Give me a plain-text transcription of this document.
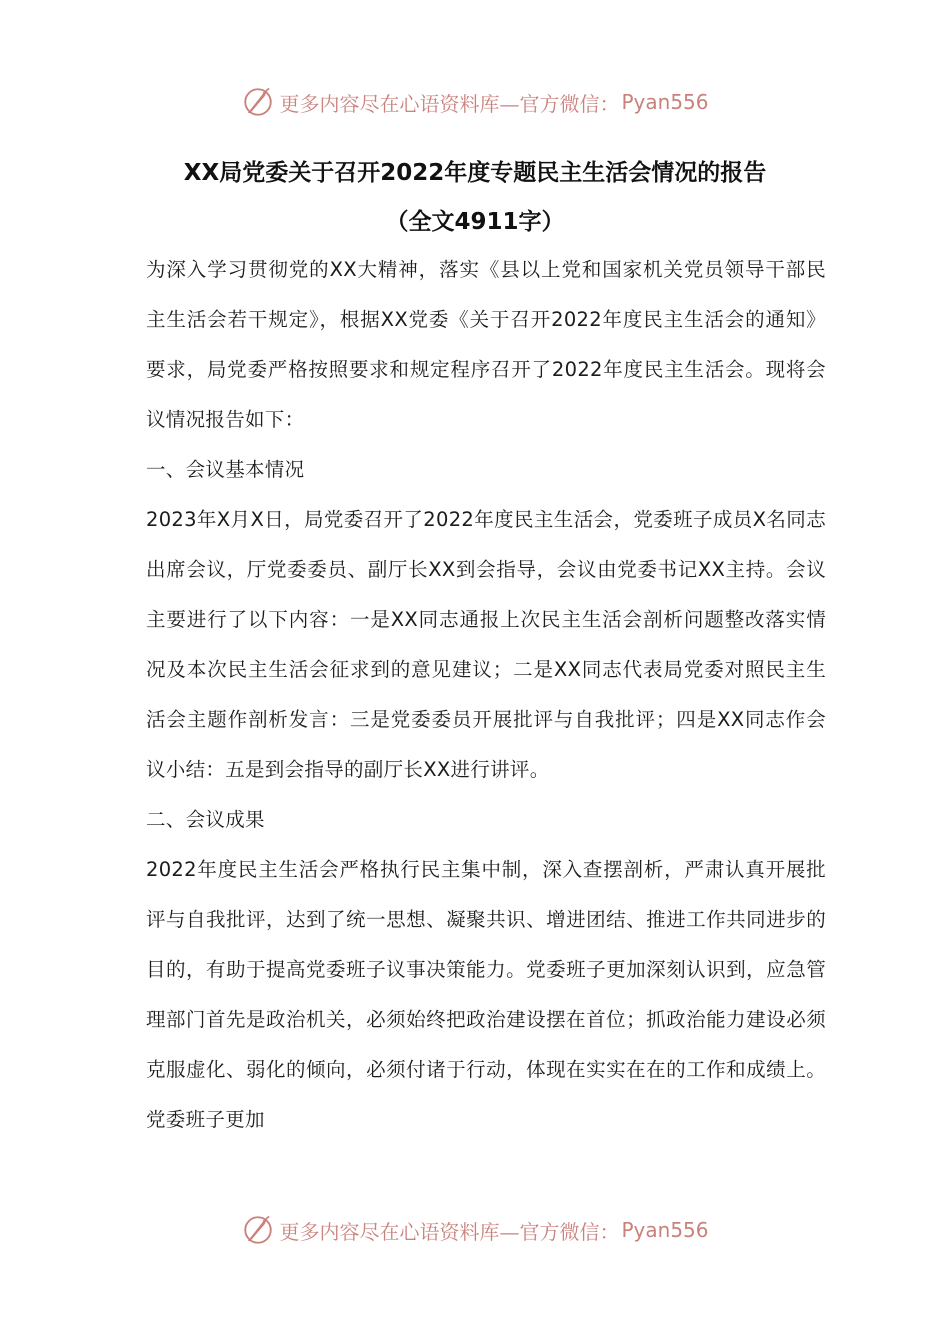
更多内容尽在心语资料库—官方微信： Pyan556
XX局党委关于召开2022年度专题民主生活会情况的报告
（全文4911字）

为深入学习贯彻党的XX大精神，落实《县以上党和国家机关党员领导干部民主生活会若干规定》，根据XX党委《关于召开2022年度民主生活会的通知》要求，局党委严格按照要求和规定程序召开了2022年度民主生活会。现将会议情况报告如下：

一、会议基本情况

2023年X月X日，局党委召开了2022年度民主生活会，党委班子成员X名同志出席会议，厅党委委员、副厅长XX到会指导，会议由党委书记XX主持。会议主要进行了以下内容：一是XX同志通报上次民主生活会剖析问题整改落实情况及本次民主生活会征求到的意见建议；二是XX同志代表局党委对照民主生活会主题作剖析发言：三是党委委员开展批评与自我批评；四是XX同志作会议小结：五是到会指导的副厅长XX进行讲评。

二、会议成果

2022年度民主生活会严格执行民主集中制，深入查摆剖析，严肃认真开展批评与自我批评，达到了统一思想、凝聚共识、增进团结、推进工作共同进步的目的，有助于提高党委班子议事决策能力。党委班子更加深刻认识到，应急管理部门首先是政治机关，必须始终把政治建设摆在首位；抓政治能力建设必须克服虚化、弱化的倾向，必须付诸于行动，体现在实实在在的工作和成绩上。党委班子更加

更多内容尽在心语资料库—官方微信： Pyan556
